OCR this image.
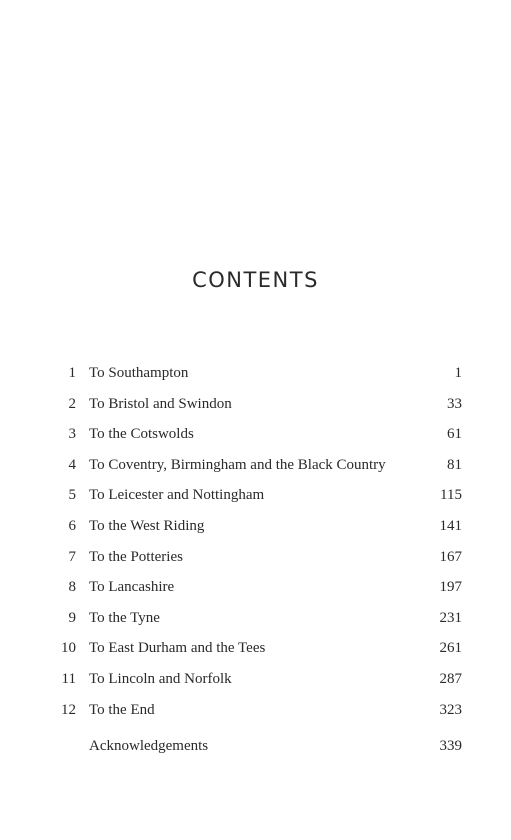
CONTENTS
1 To Southampton	1
2 To Bristol and Swindon	33
3 To the Cotswolds	61
4 To Coventry, Birmingham and the Black Country	81
5 To Leicester and Nottingham	115
6 To the West Riding	141
7 To the Potteries	167
8 To Lancashire	197
9 To the Tyne	231
10 To East Durham and the Tees	261
11 To Lincoln and Norfolk	287
12 To the End	323
Acknowledgements	339
